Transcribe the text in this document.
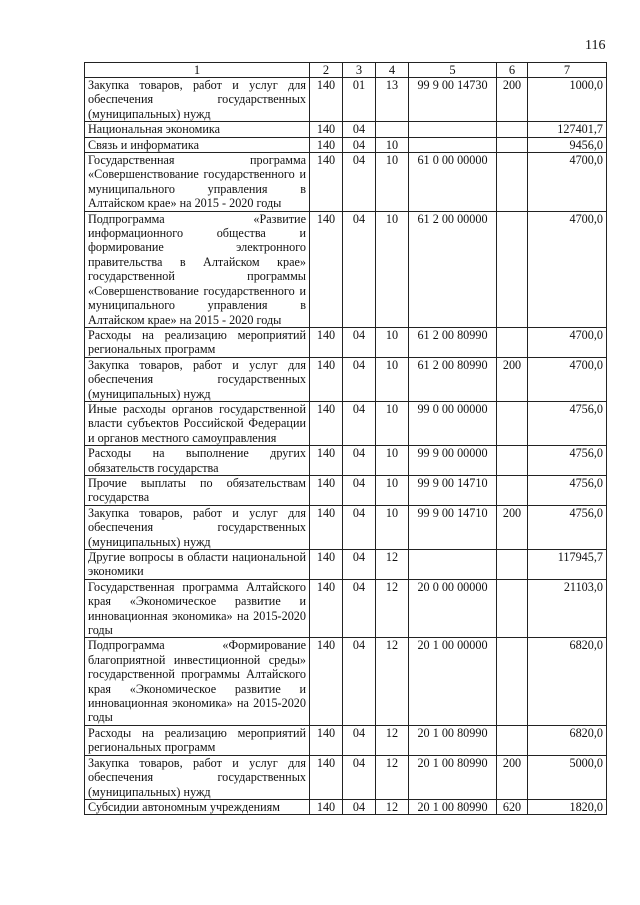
116
1	2	3	4	5	6	7
Закупка товаров, работ и услуг для обеспечения государственных (муниципальных) нужд	140	01	13	99 9 00 14730	200	1000,0
Национальная экономика	140	04				127401,7
Связь и информатика	140	04	10			9456,0
Государственная программа «Совершенствование государственного и муниципального управления в Алтайском крае» на 2015 - 2020 годы	140	04	10	61 0 00 00000		4700,0
Подпрограмма «Развитие информационного общества и формирование электронного правительства в Алтайском крае» государственной программы «Совершенствование государственного и муниципального управления в Алтайском крае» на 2015 - 2020 годы	140	04	10	61 2 00 00000		4700,0
Расходы на реализацию мероприятий региональных программ	140	04	10	61 2 00 80990		4700,0
Закупка товаров, работ и услуг для обеспечения государственных (муниципальных) нужд	140	04	10	61 2 00 80990	200	4700,0
Иные расходы органов государственной власти субъектов Российской Федерации и органов местного самоуправления	140	04	10	99 0 00 00000		4756,0
Расходы на выполнение других обязательств государства	140	04	10	99 9 00 00000		4756,0
Прочие выплаты по обязательствам государства	140	04	10	99 9 00 14710		4756,0
Закупка товаров, работ и услуг для обеспечения государственных (муниципальных) нужд	140	04	10	99 9 00 14710	200	4756,0
Другие вопросы в области национальной экономики	140	04	12			117945,7
Государственная программа Алтайского края «Экономическое развитие и инновационная экономика» на 2015-2020 годы	140	04	12	20 0 00 00000		21103,0
Подпрограмма «Формирование благоприятной инвестиционной среды» государственной программы Алтайского края «Экономическое развитие и инновационная экономика» на 2015-2020 годы	140	04	12	20 1 00 00000		6820,0
Расходы на реализацию мероприятий региональных программ	140	04	12	20 1 00 80990		6820,0
Закупка товаров, работ и услуг для обеспечения государственных (муниципальных) нужд	140	04	12	20 1 00 80990	200	5000,0
Субсидии автономным учреждениям	140	04	12	20 1 00 80990	620	1820,0
